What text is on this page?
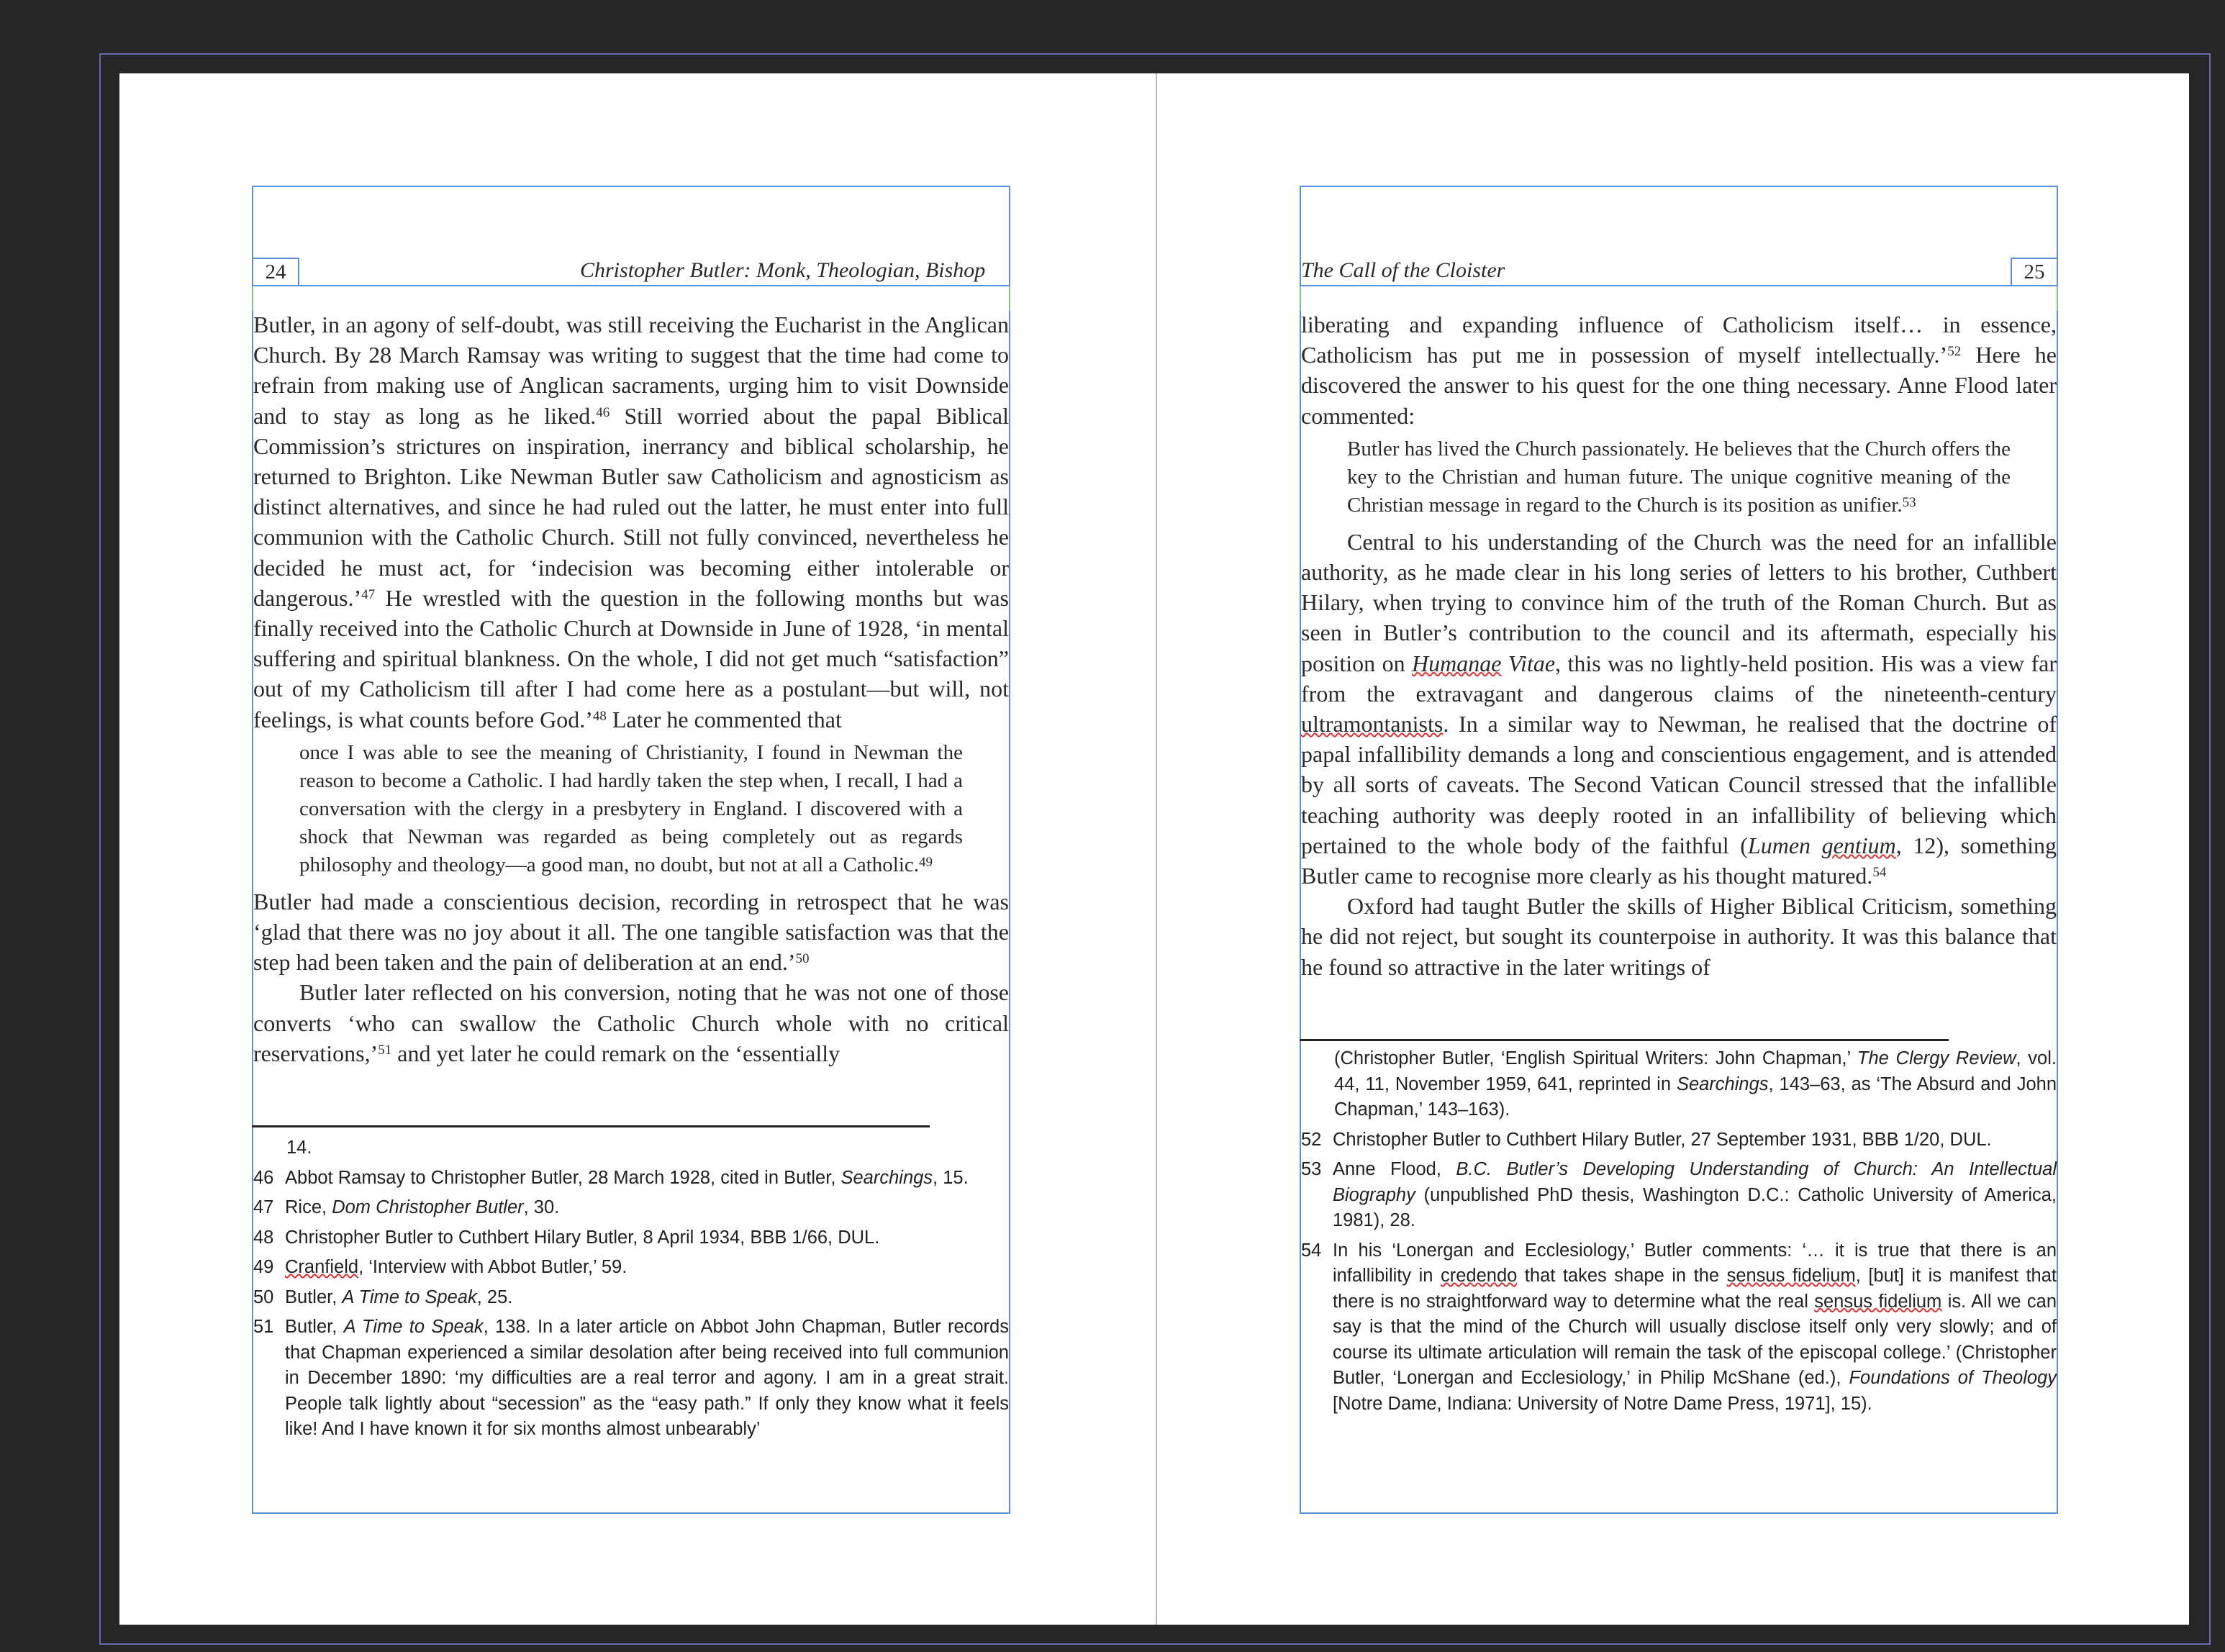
24	Christopher Butler: Monk, Theologian, Bishop

Butler, in an agony of self-doubt, was still receiving the Eucharist in the Anglican Church. By 28 March Ramsay was writing to suggest that the time had come to refrain from making use of Anglican sacraments, urging him to visit Downside and to stay as long as he liked.$^{46}$ Still worried about the papal Biblical Commission’s strictures on inspiration, inerrancy and biblical scholarship, he returned to Brighton. Like Newman Butler saw Catholicism and agnosticism as distinct alternatives, and since he had ruled out the latter, he must enter into full communion with the Catholic Church. Still not fully convinced, nevertheless he decided he must act, for ‘indecision was becoming either intolerable or dangerous.’$^{47}$ He wrestled with the question in the following months but was finally received into the Catholic Church at Downside in June of 1928, ‘in mental suffering and spiritual blankness. On the whole, I did not get much “satisfaction” out of my Catholicism till after I had come here as a postulant—but will, not feelings, is what counts before God.’$^{48}$ Later he commented that

once I was able to see the meaning of Christianity, I found in Newman the reason to become a Catholic. I had hardly taken the step when, I recall, I had a conversation with the clergy in a presbytery in England. I discovered with a shock that Newman was regarded as being completely out as regards philosophy and theology—a good man, no doubt, but not at all a Catholic.$^{49}$

Butler had made a conscientious decision, recording in retrospect that he was ‘glad that there was no joy about it all. The one tangible satisfaction was that the step had been taken and the pain of deliberation at an end.’$^{50}$

Butler later reflected on his conversion, noting that he was not one of those converts ‘who can swallow the Catholic Church whole with no critical reservations,’$^{51}$ and yet later he could remark on the ‘essentially

14.
46 Abbot Ramsay to Christopher Butler, 28 March 1928, cited in Butler, Searchings, 15.
47 Rice, Dom Christopher Butler, 30.
48 Christopher Butler to Cuthbert Hilary Butler, 8 April 1934, BBB 1/66, DUL.
49 Cranfield, ‘Interview with Abbot Butler,’ 59.
50 Butler, A Time to Speak, 25.
51 Butler, A Time to Speak, 138. In a later article on Abbot John Chapman, Butler records that Chapman experienced a similar desolation after being received into full communion in December 1890: ‘my difficulties are a real terror and agony. I am in a great strait. People talk lightly about “secession” as the “easy path.” If only they know what it feels like! And I have known it for six months almost unbearably’
The Call of the Cloister	25

liberating and expanding influence of Catholicism itself… in essence, Catholicism has put me in possession of myself intellectually.’$^{52}$ Here he discovered the answer to his quest for the one thing necessary. Anne Flood later commented:

Butler has lived the Church passionately. He believes that the Church offers the key to the Christian and human future. The unique cognitive meaning of the Christian message in regard to the Church is its position as unifier.$^{53}$

Central to his understanding of the Church was the need for an infallible authority, as he made clear in his long series of letters to his brother, Cuthbert Hilary, when trying to convince him of the truth of the Roman Church. But as seen in Butler’s contribution to the council and its aftermath, especially his position on Humanae Vitae, this was no lightly-held position. His was a view far from the extravagant and dangerous claims of the nineteenth-century ultramontanists. In a similar way to Newman, he realised that the doctrine of papal infallibility demands a long and conscientious engagement, and is attended by all sorts of caveats. The Second Vatican Council stressed that the infallible teaching authority was deeply rooted in an infallibility of believing which pertained to the whole body of the faithful (Lumen gentium, 12), something Butler came to recognise more clearly as his thought matured.$^{54}$

Oxford had taught Butler the skills of Higher Biblical Criticism, something he did not reject, but sought its counterpoise in authority. It was this balance that he found so attractive in the later writings of

(Christopher Butler, ‘English Spiritual Writers: John Chapman,’ The Clergy Review, vol. 44, 11, November 1959, 641, reprinted in Searchings, 143–63, as ‘The Absurd and John Chapman,’ 143–163).
52 Christopher Butler to Cuthbert Hilary Butler, 27 September 1931, BBB 1/20, DUL.
53 Anne Flood, B.C. Butler’s Developing Understanding of Church: An Intellectual Biography (unpublished PhD thesis, Washington D.C.: Catholic University of America, 1981), 28.
54 In his ‘Lonergan and Ecclesiology,’ Butler comments: ‘… it is true that there is an infallibility in credendo that takes shape in the sensus fidelium, [but] it is manifest that there is no straightforward way to determine what the real sensus fidelium is. All we can say is that the mind of the Church will usually disclose itself only very slowly; and of course its ultimate articulation will remain the task of the episcopal college.’ (Christopher Butler, ‘Lonergan and Ecclesiology,’ in Philip McShane (ed.), Foundations of Theology [Notre Dame, Indiana: University of Notre Dame Press, 1971], 15).
